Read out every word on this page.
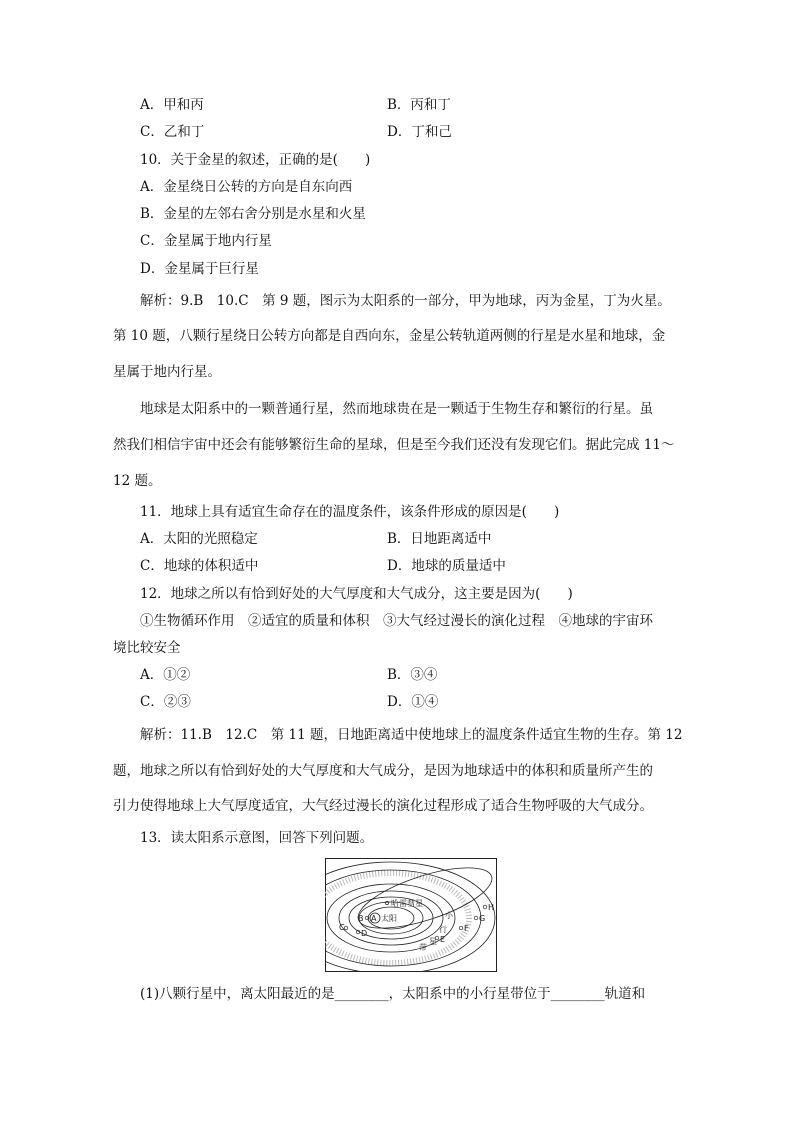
A．甲和丙	B．丙和丁
C．乙和丁	D．丁和己
10．关于金星的叙述，正确的是(　　)
A．金星绕日公转的方向是自东向西
B．金星的左邻右舍分别是水星和火星
C．金星属于地内行星
D．金星属于巨行星
解析：9.B　10.C　第 9 题，图示为太阳系的一部分，甲为地球，丙为金星，丁为火星。
第 10 题，八颗行星绕日公转方向都是自西向东，金星公转轨道两侧的行星是水星和地球，金
星属于地内行星。
地球是太阳系中的一颗普通行星，然而地球贵在是一颗适于生物生存和繁衍的行星。虽
然我们相信宇宙中还会有能够繁衍生命的星球，但是至今我们还没有发现它们。据此完成 11～
12 题。
11．地球上具有适宜生命存在的温度条件，该条件形成的原因是(　　)
A．太阳的光照稳定	B．日地距离适中
C．地球的体积适中	D．地球的质量适中
12．地球之所以有恰到好处的大气厚度和大气成分，这主要是因为(　　)
①生物循环作用　②适宜的质量和体积　③大气经过漫长的演化过程　④地球的宇宙环
境比较安全
A．①②	B．③④
C．②③	D．①④
解析：11.B　12.C　第 11 题，日地距离适中使地球上的温度条件适宜生物的生存。第 12
题，地球之所以有恰到好处的大气厚度和大气成分，是因为地球适中的体积和质量所产生的
引力使得地球上大气厚度适宜，大气经过漫长的演化过程形成了适合生物呼吸的大气成分。
13．读太阳系示意图，回答下列问题。
A 太阳
哈雷彗星
小
行
星
带
B
C
D
E
F
G
H
(1)八颗行星中，离太阳最近的是________，太阳系中的小行星带位于________轨道和
